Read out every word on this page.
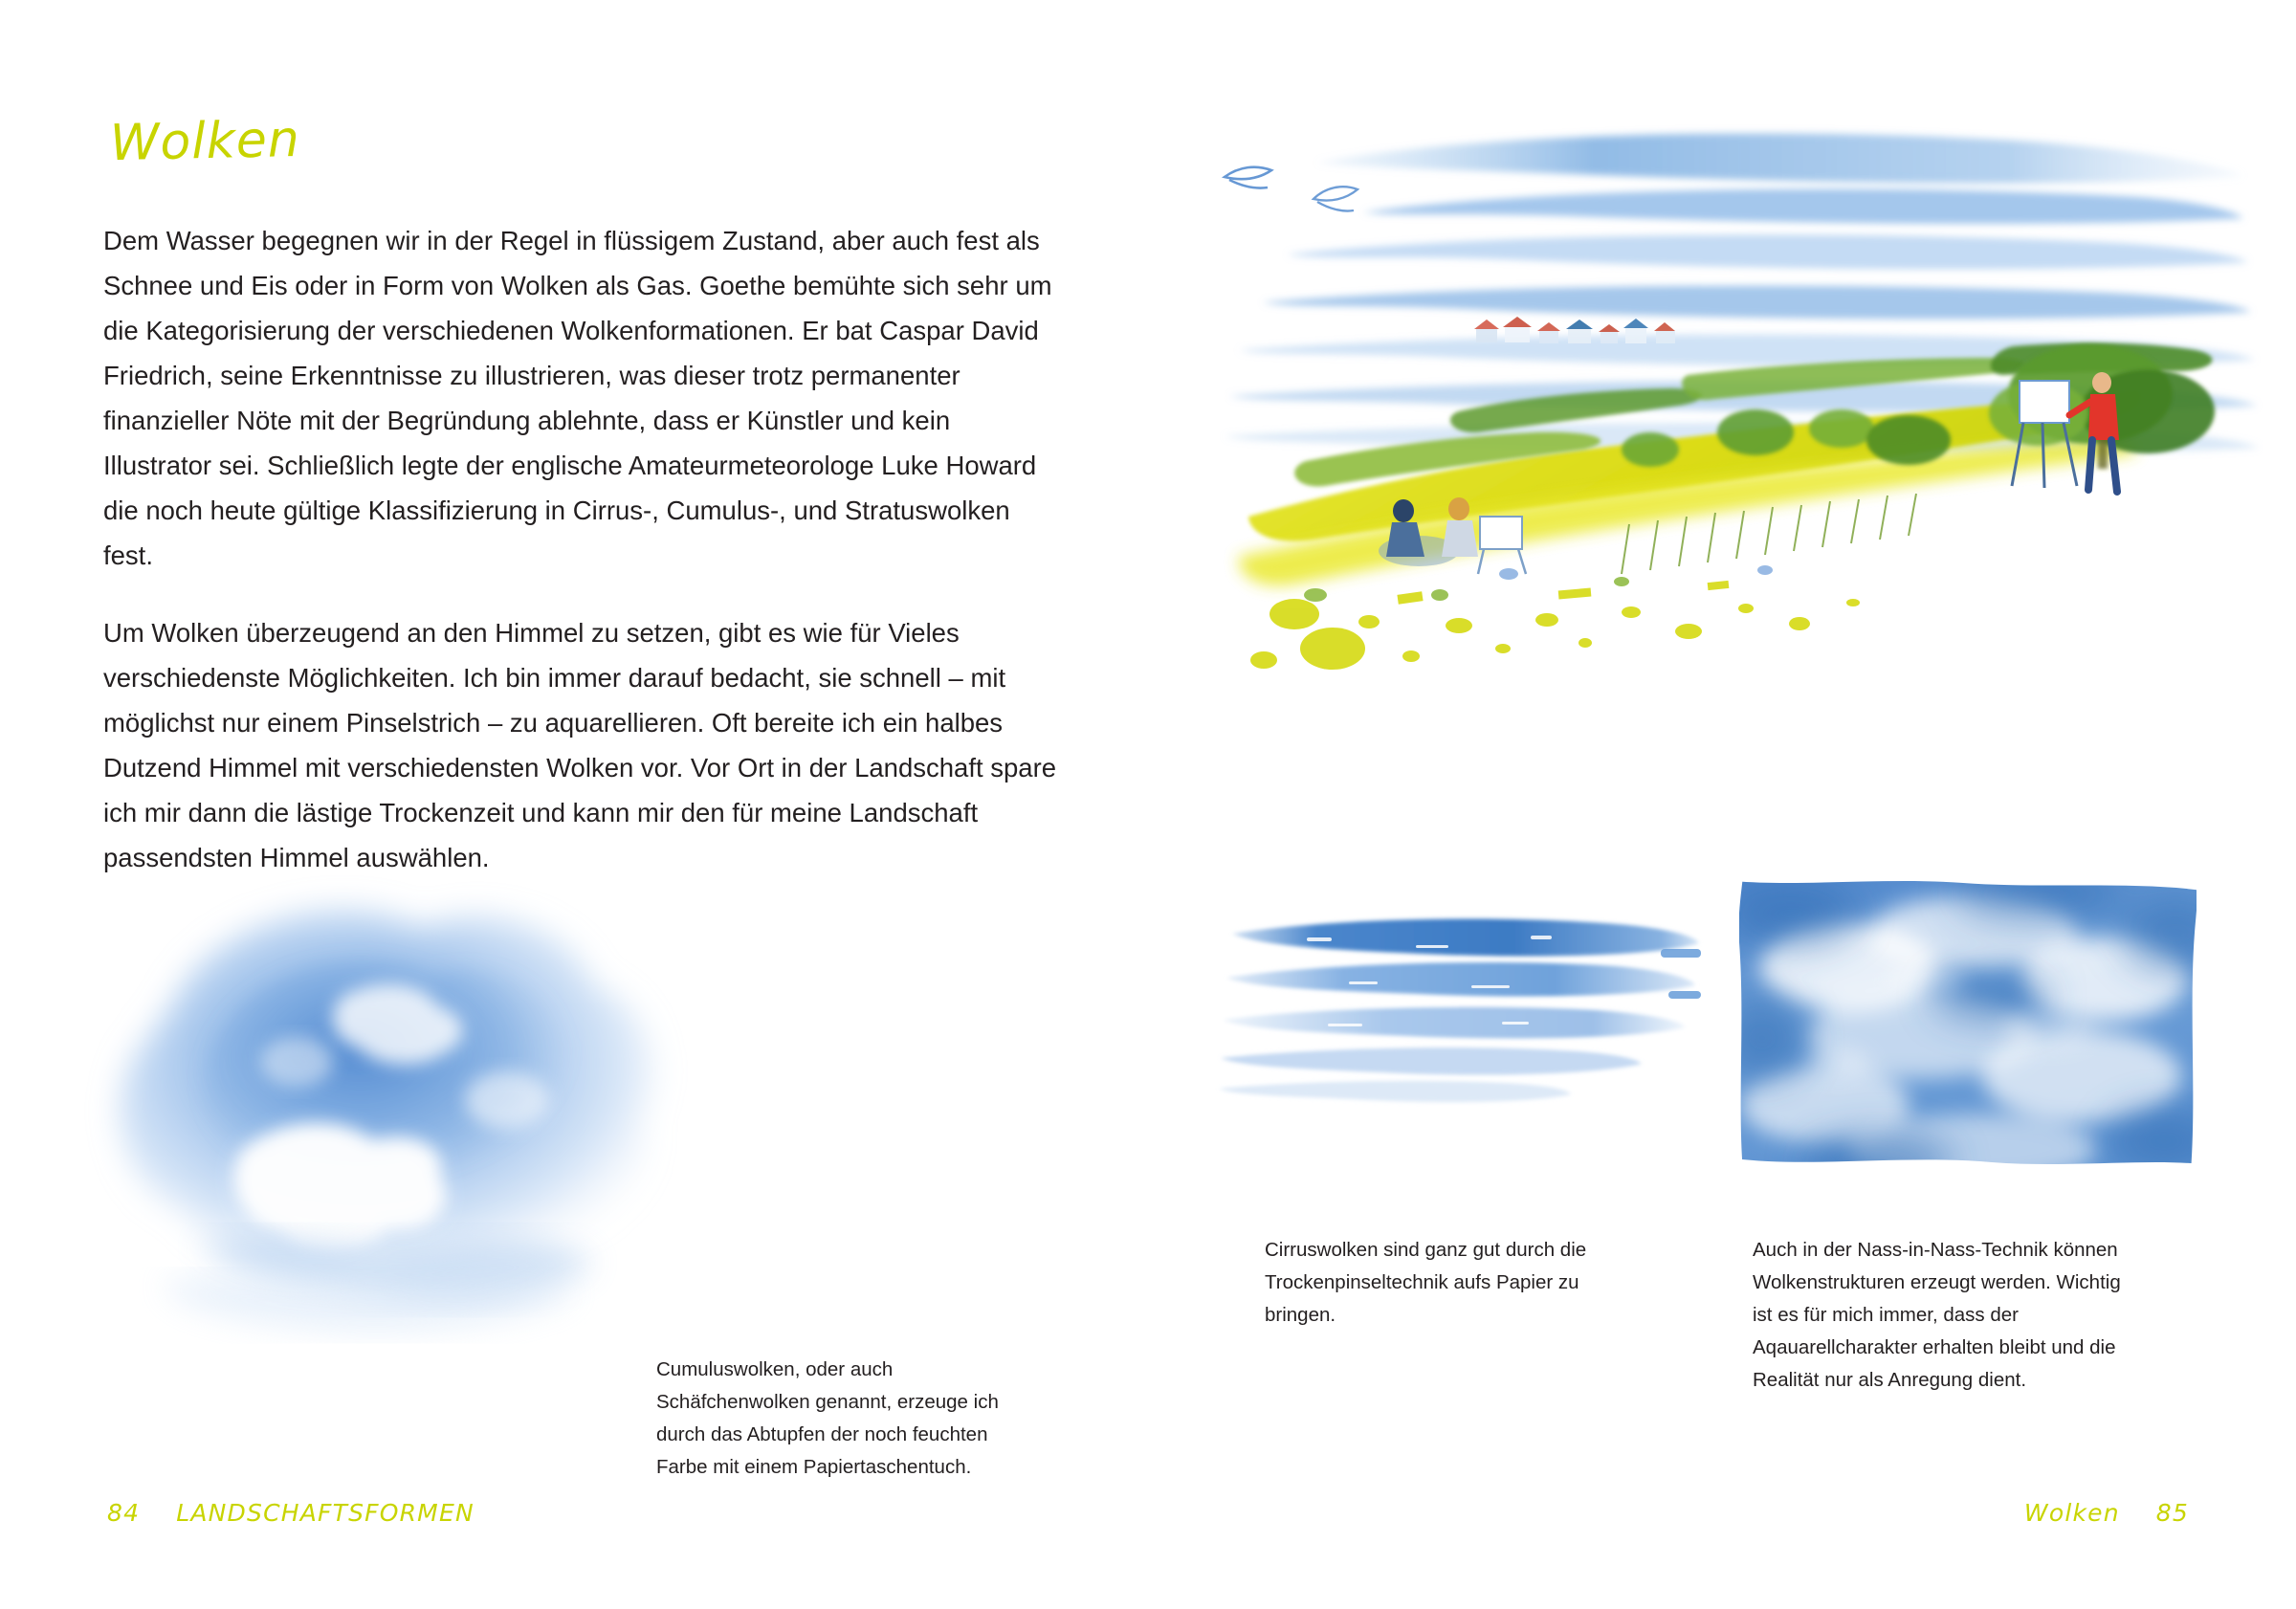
Wolken
Dem Wasser begegnen wir in der Regel in flüssigem Zustand, aber auch fest als Schnee und Eis oder in Form von Wolken als Gas. Goethe bemühte sich sehr um die Kategorisierung der verschiedenen Wolkenformationen. Er bat Caspar David Friedrich, seine Erkenntnisse zu illustrieren, was dieser trotz permanenter finanzieller Nöte mit der Begründung ablehnte, dass er Künstler und kein Illustrator sei. Schließlich legte der englische Amateurmeteorologe Luke Howard die noch heute gültige Klassifizierung in Cirrus-, Cumulus-, und Stratuswolken fest.
Um Wolken überzeugend an den Himmel zu setzen, gibt es wie für Vieles verschiedenste Möglichkeiten. Ich bin immer darauf bedacht, sie schnell – mit möglichst nur einem Pinselstrich – zu aquarellieren. Oft bereite ich ein halbes Dutzend Himmel mit verschiedensten Wolken vor. Vor Ort in der Landschaft spare ich mir dann die lästige Trockenzeit und kann mir den für meine Landschaft passendsten Himmel auswählen.
Cumuluswolken, oder auch Schäfchenwolken genannt, erzeuge ich durch das Abtupfen der noch feuchten Farbe mit einem Papiertaschentuch.
84 LANDSCHAFTSFORMEN	Wolken 85
Cirruswolken sind ganz gut durch die Trockenpinseltechnik aufs Papier zu bringen.
Auch in der Nass-in-Nass-Technik können Wolkenstrukturen erzeugt werden. Wichtig ist es für mich immer, dass der Aqauarellcharakter erhalten bleibt und die Realität nur als Anregung dient.
